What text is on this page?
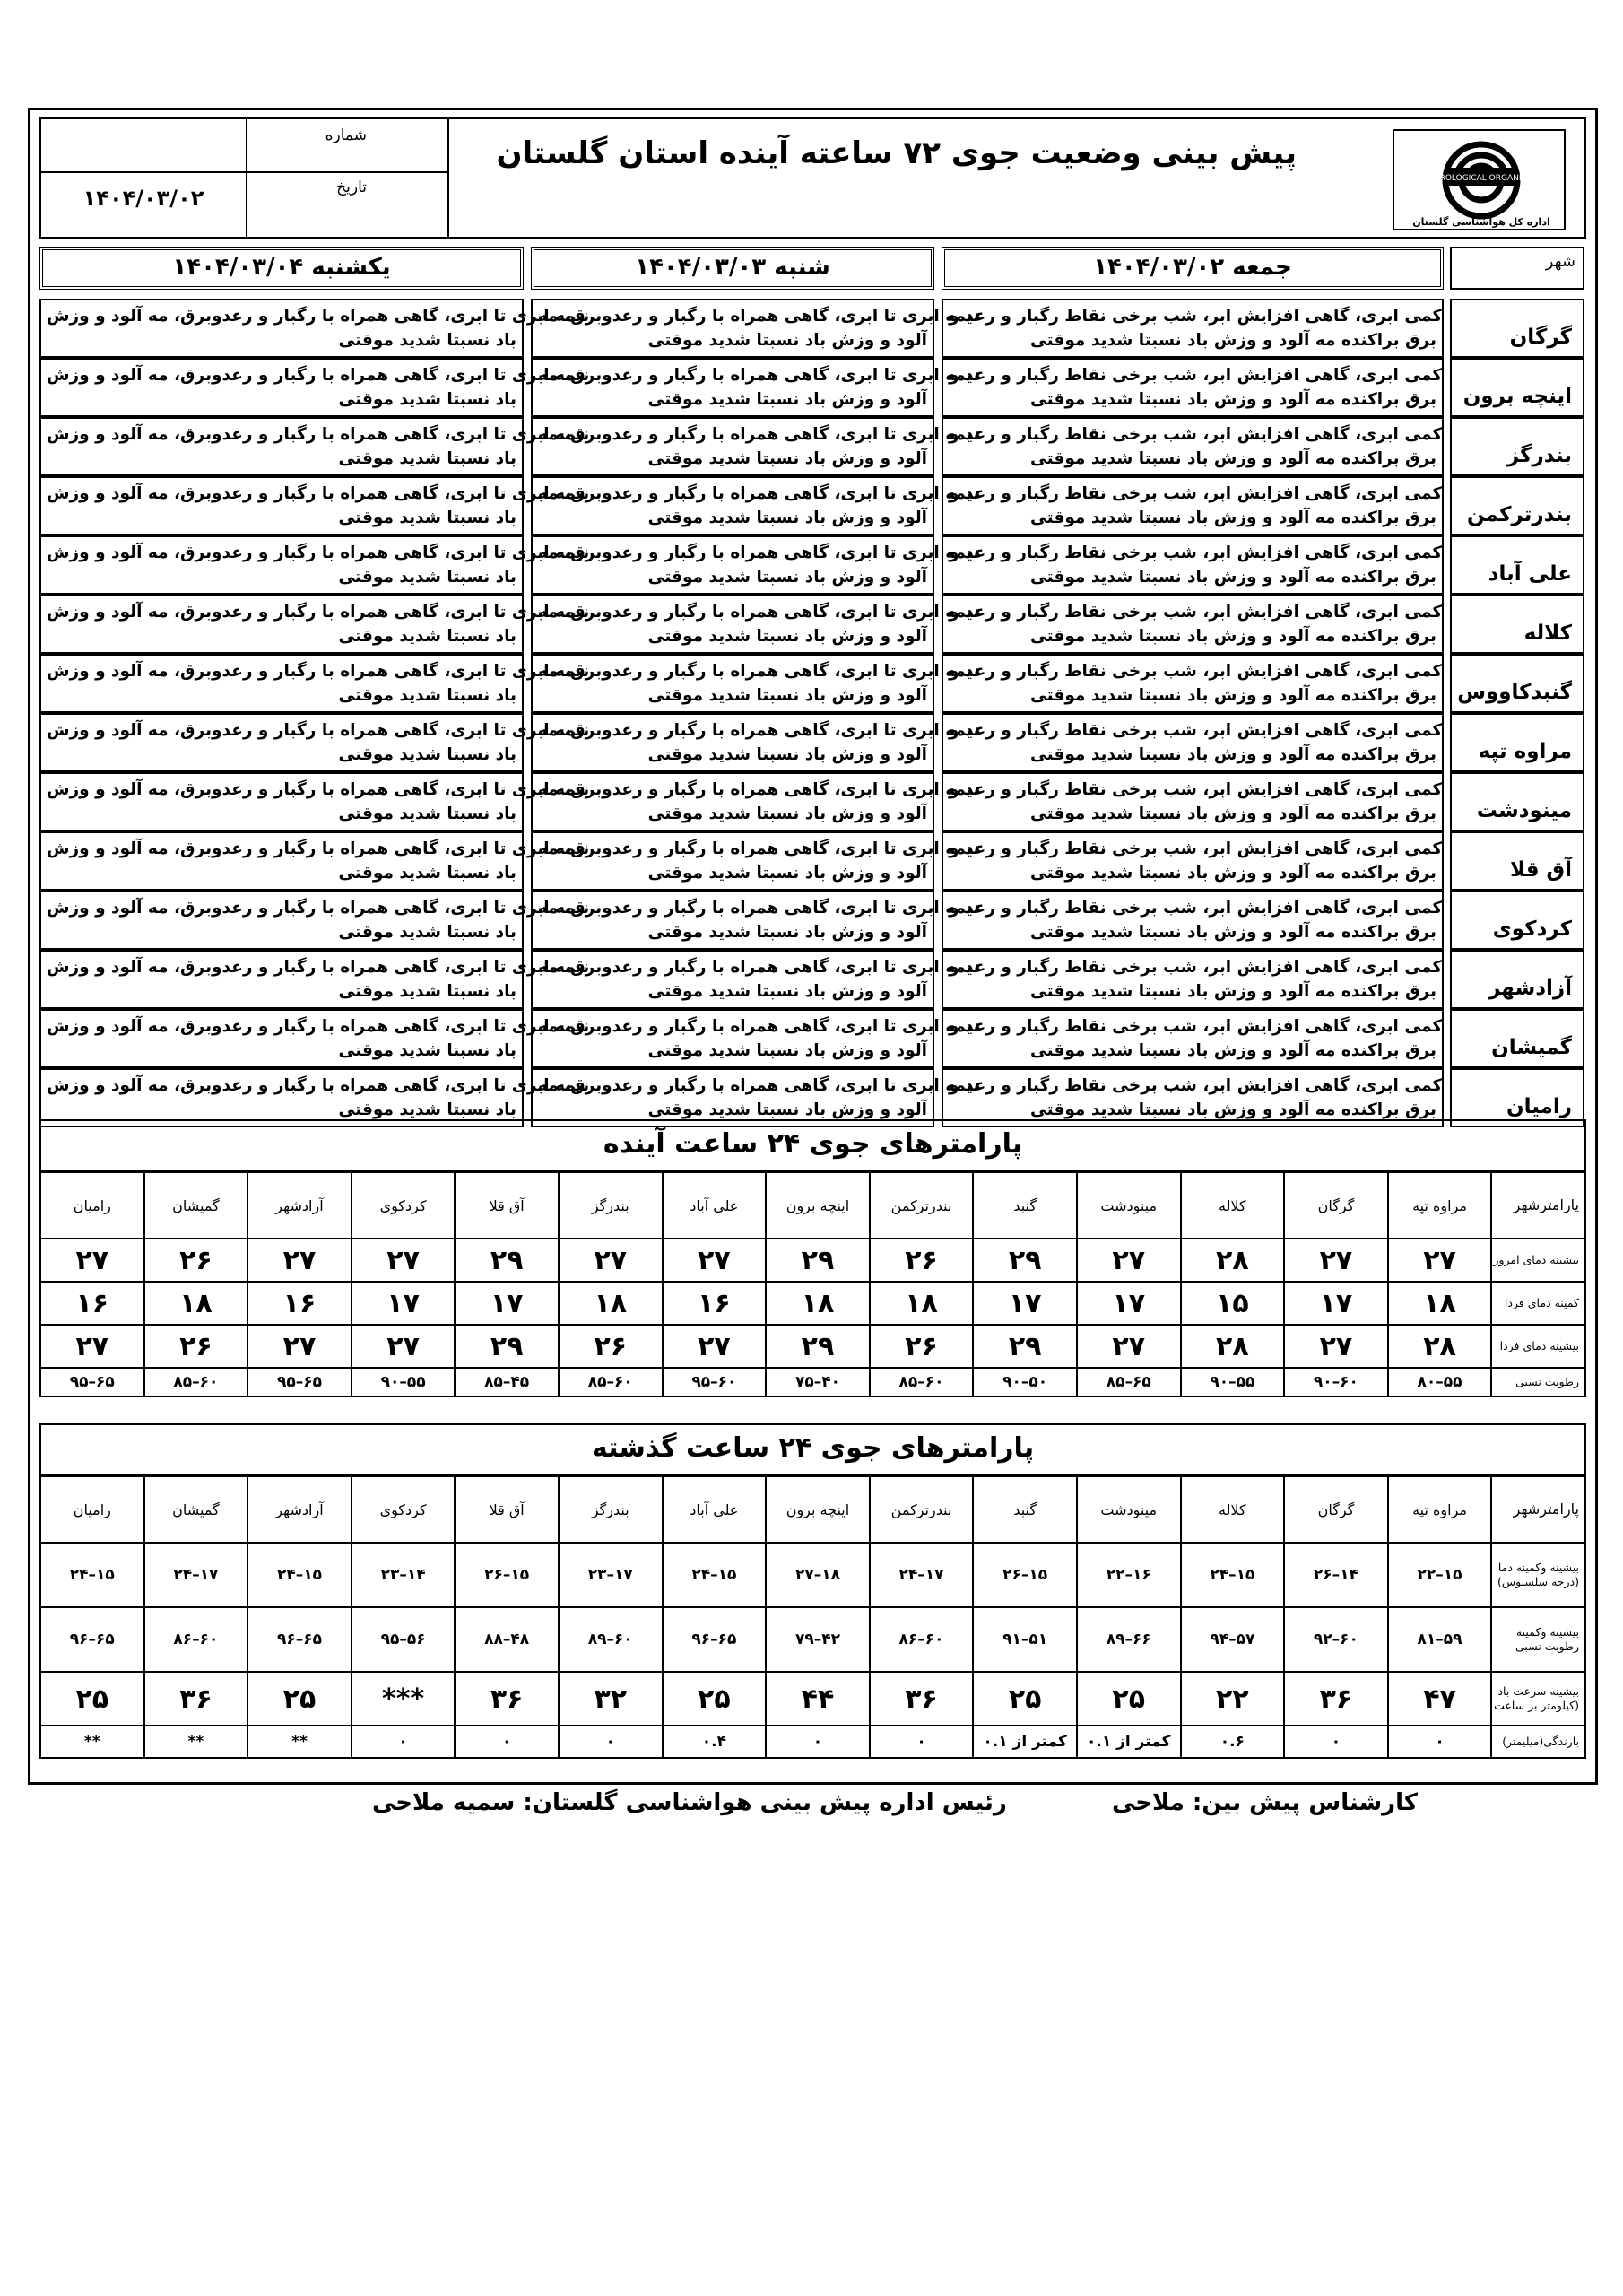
شماره
۱۴۰۴/۰۳/۰۲	تاریخ
پیش بینی وضعیت جوی ۷۲ ساعته آینده استان گلستان
METEOROLOGICAL ORGANIZATION
اداره کل هواشناسی گلستان
جمعه ۱۴۰۴/۰۳/۰۲
شنبه ۱۴۰۴/۰۳/۰۳
یکشنبه ۱۴۰۴/۰۳/۰۴	شهر
نیمه ابری تا ابری، گاهی همراه با رگبار و رعدوبرق، مه آلود و وزش
باد نسبتا شدید موقتی
نیمه ابری تا ابری، گاهی همراه با رگبار و رعدوبرق، مه
آلود و وزش باد نسبتا شدید موقتی
کمی ابری، گاهی افزایش ابر، شب برخی نقاط رگبار و رعد و
برق براکنده مه آلود و وزش باد نسبتا شدید موقتی	گرگان
نیمه ابری تا ابری، گاهی همراه با رگبار و رعدوبرق، مه آلود و وزش
باد نسبتا شدید موقتی
نیمه ابری تا ابری، گاهی همراه با رگبار و رعدوبرق، مه
آلود و وزش باد نسبتا شدید موقتی
کمی ابری، گاهی افزایش ابر، شب برخی نقاط رگبار و رعد و
برق براکنده مه آلود و وزش باد نسبتا شدید موقتی	اینچه برون
نیمه ابری تا ابری، گاهی همراه با رگبار و رعدوبرق، مه آلود و وزش
باد نسبتا شدید موقتی
نیمه ابری تا ابری، گاهی همراه با رگبار و رعدوبرق، مه
آلود و وزش باد نسبتا شدید موقتی
کمی ابری، گاهی افزایش ابر، شب برخی نقاط رگبار و رعد و
برق براکنده مه آلود و وزش باد نسبتا شدید موقتی	بندرگز
نیمه ابری تا ابری، گاهی همراه با رگبار و رعدوبرق، مه آلود و وزش
باد نسبتا شدید موقتی
نیمه ابری تا ابری، گاهی همراه با رگبار و رعدوبرق، مه
آلود و وزش باد نسبتا شدید موقتی
کمی ابری، گاهی افزایش ابر، شب برخی نقاط رگبار و رعد و
برق براکنده مه آلود و وزش باد نسبتا شدید موقتی	بندرترکمن
نیمه ابری تا ابری، گاهی همراه با رگبار و رعدوبرق، مه آلود و وزش
باد نسبتا شدید موقتی
نیمه ابری تا ابری، گاهی همراه با رگبار و رعدوبرق، مه
آلود و وزش باد نسبتا شدید موقتی
کمی ابری، گاهی افزایش ابر، شب برخی نقاط رگبار و رعد و
برق براکنده مه آلود و وزش باد نسبتا شدید موقتی	علی آباد
نیمه ابری تا ابری، گاهی همراه با رگبار و رعدوبرق، مه آلود و وزش
باد نسبتا شدید موقتی
نیمه ابری تا ابری، گاهی همراه با رگبار و رعدوبرق، مه
آلود و وزش باد نسبتا شدید موقتی
کمی ابری، گاهی افزایش ابر، شب برخی نقاط رگبار و رعد و
برق براکنده مه آلود و وزش باد نسبتا شدید موقتی	کلاله
نیمه ابری تا ابری، گاهی همراه با رگبار و رعدوبرق، مه آلود و وزش
باد نسبتا شدید موقتی
نیمه ابری تا ابری، گاهی همراه با رگبار و رعدوبرق، مه
آلود و وزش باد نسبتا شدید موقتی
کمی ابری، گاهی افزایش ابر، شب برخی نقاط رگبار و رعد و
برق براکنده مه آلود و وزش باد نسبتا شدید موقتی	گنبدکاووس
نیمه ابری تا ابری، گاهی همراه با رگبار و رعدوبرق، مه آلود و وزش
باد نسبتا شدید موقتی
نیمه ابری تا ابری، گاهی همراه با رگبار و رعدوبرق، مه
آلود و وزش باد نسبتا شدید موقتی
کمی ابری، گاهی افزایش ابر، شب برخی نقاط رگبار و رعد و
برق براکنده مه آلود و وزش باد نسبتا شدید موقتی	مراوه تپه
نیمه ابری تا ابری، گاهی همراه با رگبار و رعدوبرق، مه آلود و وزش
باد نسبتا شدید موقتی
نیمه ابری تا ابری، گاهی همراه با رگبار و رعدوبرق، مه
آلود و وزش باد نسبتا شدید موقتی
کمی ابری، گاهی افزایش ابر، شب برخی نقاط رگبار و رعد و
برق براکنده مه آلود و وزش باد نسبتا شدید موقتی	مینودشت
نیمه ابری تا ابری، گاهی همراه با رگبار و رعدوبرق، مه آلود و وزش
باد نسبتا شدید موقتی
نیمه ابری تا ابری، گاهی همراه با رگبار و رعدوبرق، مه
آلود و وزش باد نسبتا شدید موقتی
کمی ابری، گاهی افزایش ابر، شب برخی نقاط رگبار و رعد و
برق براکنده مه آلود و وزش باد نسبتا شدید موقتی	آق قلا
نیمه ابری تا ابری، گاهی همراه با رگبار و رعدوبرق، مه آلود و وزش
باد نسبتا شدید موقتی
نیمه ابری تا ابری، گاهی همراه با رگبار و رعدوبرق، مه
آلود و وزش باد نسبتا شدید موقتی
کمی ابری، گاهی افزایش ابر، شب برخی نقاط رگبار و رعد و
برق براکنده مه آلود و وزش باد نسبتا شدید موقتی	کردکوی
نیمه ابری تا ابری، گاهی همراه با رگبار و رعدوبرق، مه آلود و وزش
باد نسبتا شدید موقتی
نیمه ابری تا ابری، گاهی همراه با رگبار و رعدوبرق، مه
آلود و وزش باد نسبتا شدید موقتی
کمی ابری، گاهی افزایش ابر، شب برخی نقاط رگبار و رعد و
برق براکنده مه آلود و وزش باد نسبتا شدید موقتی	آزادشهر
نیمه ابری تا ابری، گاهی همراه با رگبار و رعدوبرق، مه آلود و وزش
باد نسبتا شدید موقتی
نیمه ابری تا ابری، گاهی همراه با رگبار و رعدوبرق، مه
آلود و وزش باد نسبتا شدید موقتی
کمی ابری، گاهی افزایش ابر، شب برخی نقاط رگبار و رعد و
برق براکنده مه آلود و وزش باد نسبتا شدید موقتی	گمیشان
نیمه ابری تا ابری، گاهی همراه با رگبار و رعدوبرق، مه آلود و وزش
باد نسبتا شدید موقتی
نیمه ابری تا ابری، گاهی همراه با رگبار و رعدوبرق، مه
آلود و وزش باد نسبتا شدید موقتی
کمی ابری، گاهی افزایش ابر، شب برخی نقاط رگبار و رعد و
برق براکنده مه آلود و وزش باد نسبتا شدید موقتی	رامیان
پارامترهای جوی ۲۴ ساعت آینده
رامیان	گمیشان	آزادشهر	کردکوی	آق قلا	بندرگز	علی آباد	اینچه برون	بندرترکمن	گنبد	مینودشت	کلاله	گرگان	مراوه تپه	پارامترشهر
۲۷	۲۶	۲۷	۲۷	۲۹	۲۷	۲۷	۲۹	۲۶	۲۹	۲۷	۲۸	۲۷	۲۷	بیشینه دمای امروز
۱۶	۱۸	۱۶	۱۷	۱۷	۱۸	۱۶	۱۸	۱۸	۱۷	۱۷	۱۵	۱۷	۱۸	کمینه دمای فردا
۲۷	۲۶	۲۷	۲۷	۲۹	۲۶	۲۷	۲۹	۲۶	۲۹	۲۷	۲۸	۲۷	۲۸	بیشینه دمای فردا
۹۵–۶۵	۸۵–۶۰	۹۵–۶۵	۹۰–۵۵	۸۵–۴۵	۸۵–۶۰	۹۵–۶۰	۷۵–۴۰	۸۵–۶۰	۹۰–۵۰	۸۵–۶۵	۹۰–۵۵	۹۰–۶۰	۸۰–۵۵	رطوبت نسبی
پارامترهای جوی ۲۴ ساعت گذشته
رامیان	گمیشان	آزادشهر	کردکوی	آق قلا	بندرگز	علی آباد	اینچه برون	بندرترکمن	گنبد	مینودشت	کلاله	گرگان	مراوه تپه	پارامترشهر
۲۴–۱۵	۲۴–۱۷	۲۴–۱۵	۲۳–۱۴	۲۶–۱۵	۲۳–۱۷	۲۴–۱۵	۲۷–۱۸	۲۴–۱۷	۲۶–۱۵	۲۲–۱۶	۲۴–۱۵	۲۶–۱۴	۲۲–۱۵	بیشینه وکمینه دما (درجه سلسیوس)
۹۶–۶۵	۸۶–۶۰	۹۶–۶۵	۹۵–۵۶	۸۸–۴۸	۸۹–۶۰	۹۶–۶۵	۷۹–۴۲	۸۶–۶۰	۹۱–۵۱	۸۹–۶۶	۹۴–۵۷	۹۲–۶۰	۸۱–۵۹	بیشینه وکمینه رطوبت نسبی
۲۵	۳۶	۲۵	***	۳۶	۳۲	۲۵	۴۴	۳۶	۲۵	۲۵	۲۲	۳۶	۴۷	بیشینه سرعت باد (کیلومتر بر ساعت
**	**	**	۰	۰	۰	۰.۴	۰	۰	کمتر از ۰.۱	کمتر از ۰.۱	۰.۶	۰	۰	بارندگی(میلیمتر)
کارشناس پیش بین: ملاحی
رئیس اداره پیش بینی هواشناسی گلستان: سمیه ملاحی
